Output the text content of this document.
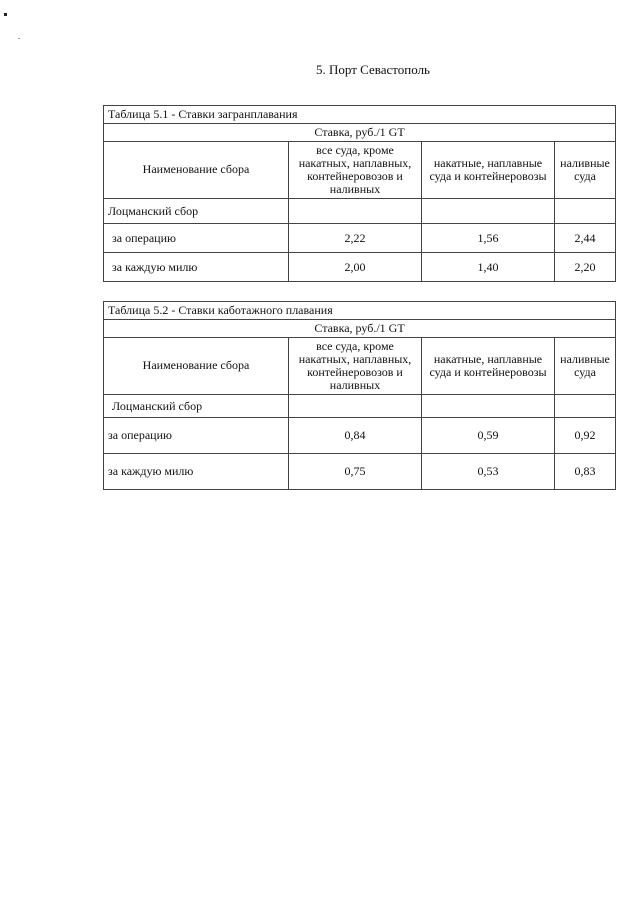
5. Порт Севастополь
Таблица 5.1 - Ставки загранплавания			
Ставка, руб./1 GT			
Наименование сбора	все суда, кроме накатных, наплавных, контейнеровозов и наливных	накатные, наплавные суда и контейнеровозы	наливные суда
Лоцманский сбор			
за операцию	2,22	1,56	2,44
за каждую милю	2,00	1,40	2,20
Таблица 5.2 - Ставки каботажного плавания			
Ставка, руб./1 GT			
Наименование сбора	все суда, кроме накатных, наплавных, контейнеровозов и наливных	накатные, наплавные суда и контейнеровозы	наливные суда
Лоцманский сбор			
за операцию	0,84	0,59	0,92
за каждую милю	0,75	0,53	0,83
